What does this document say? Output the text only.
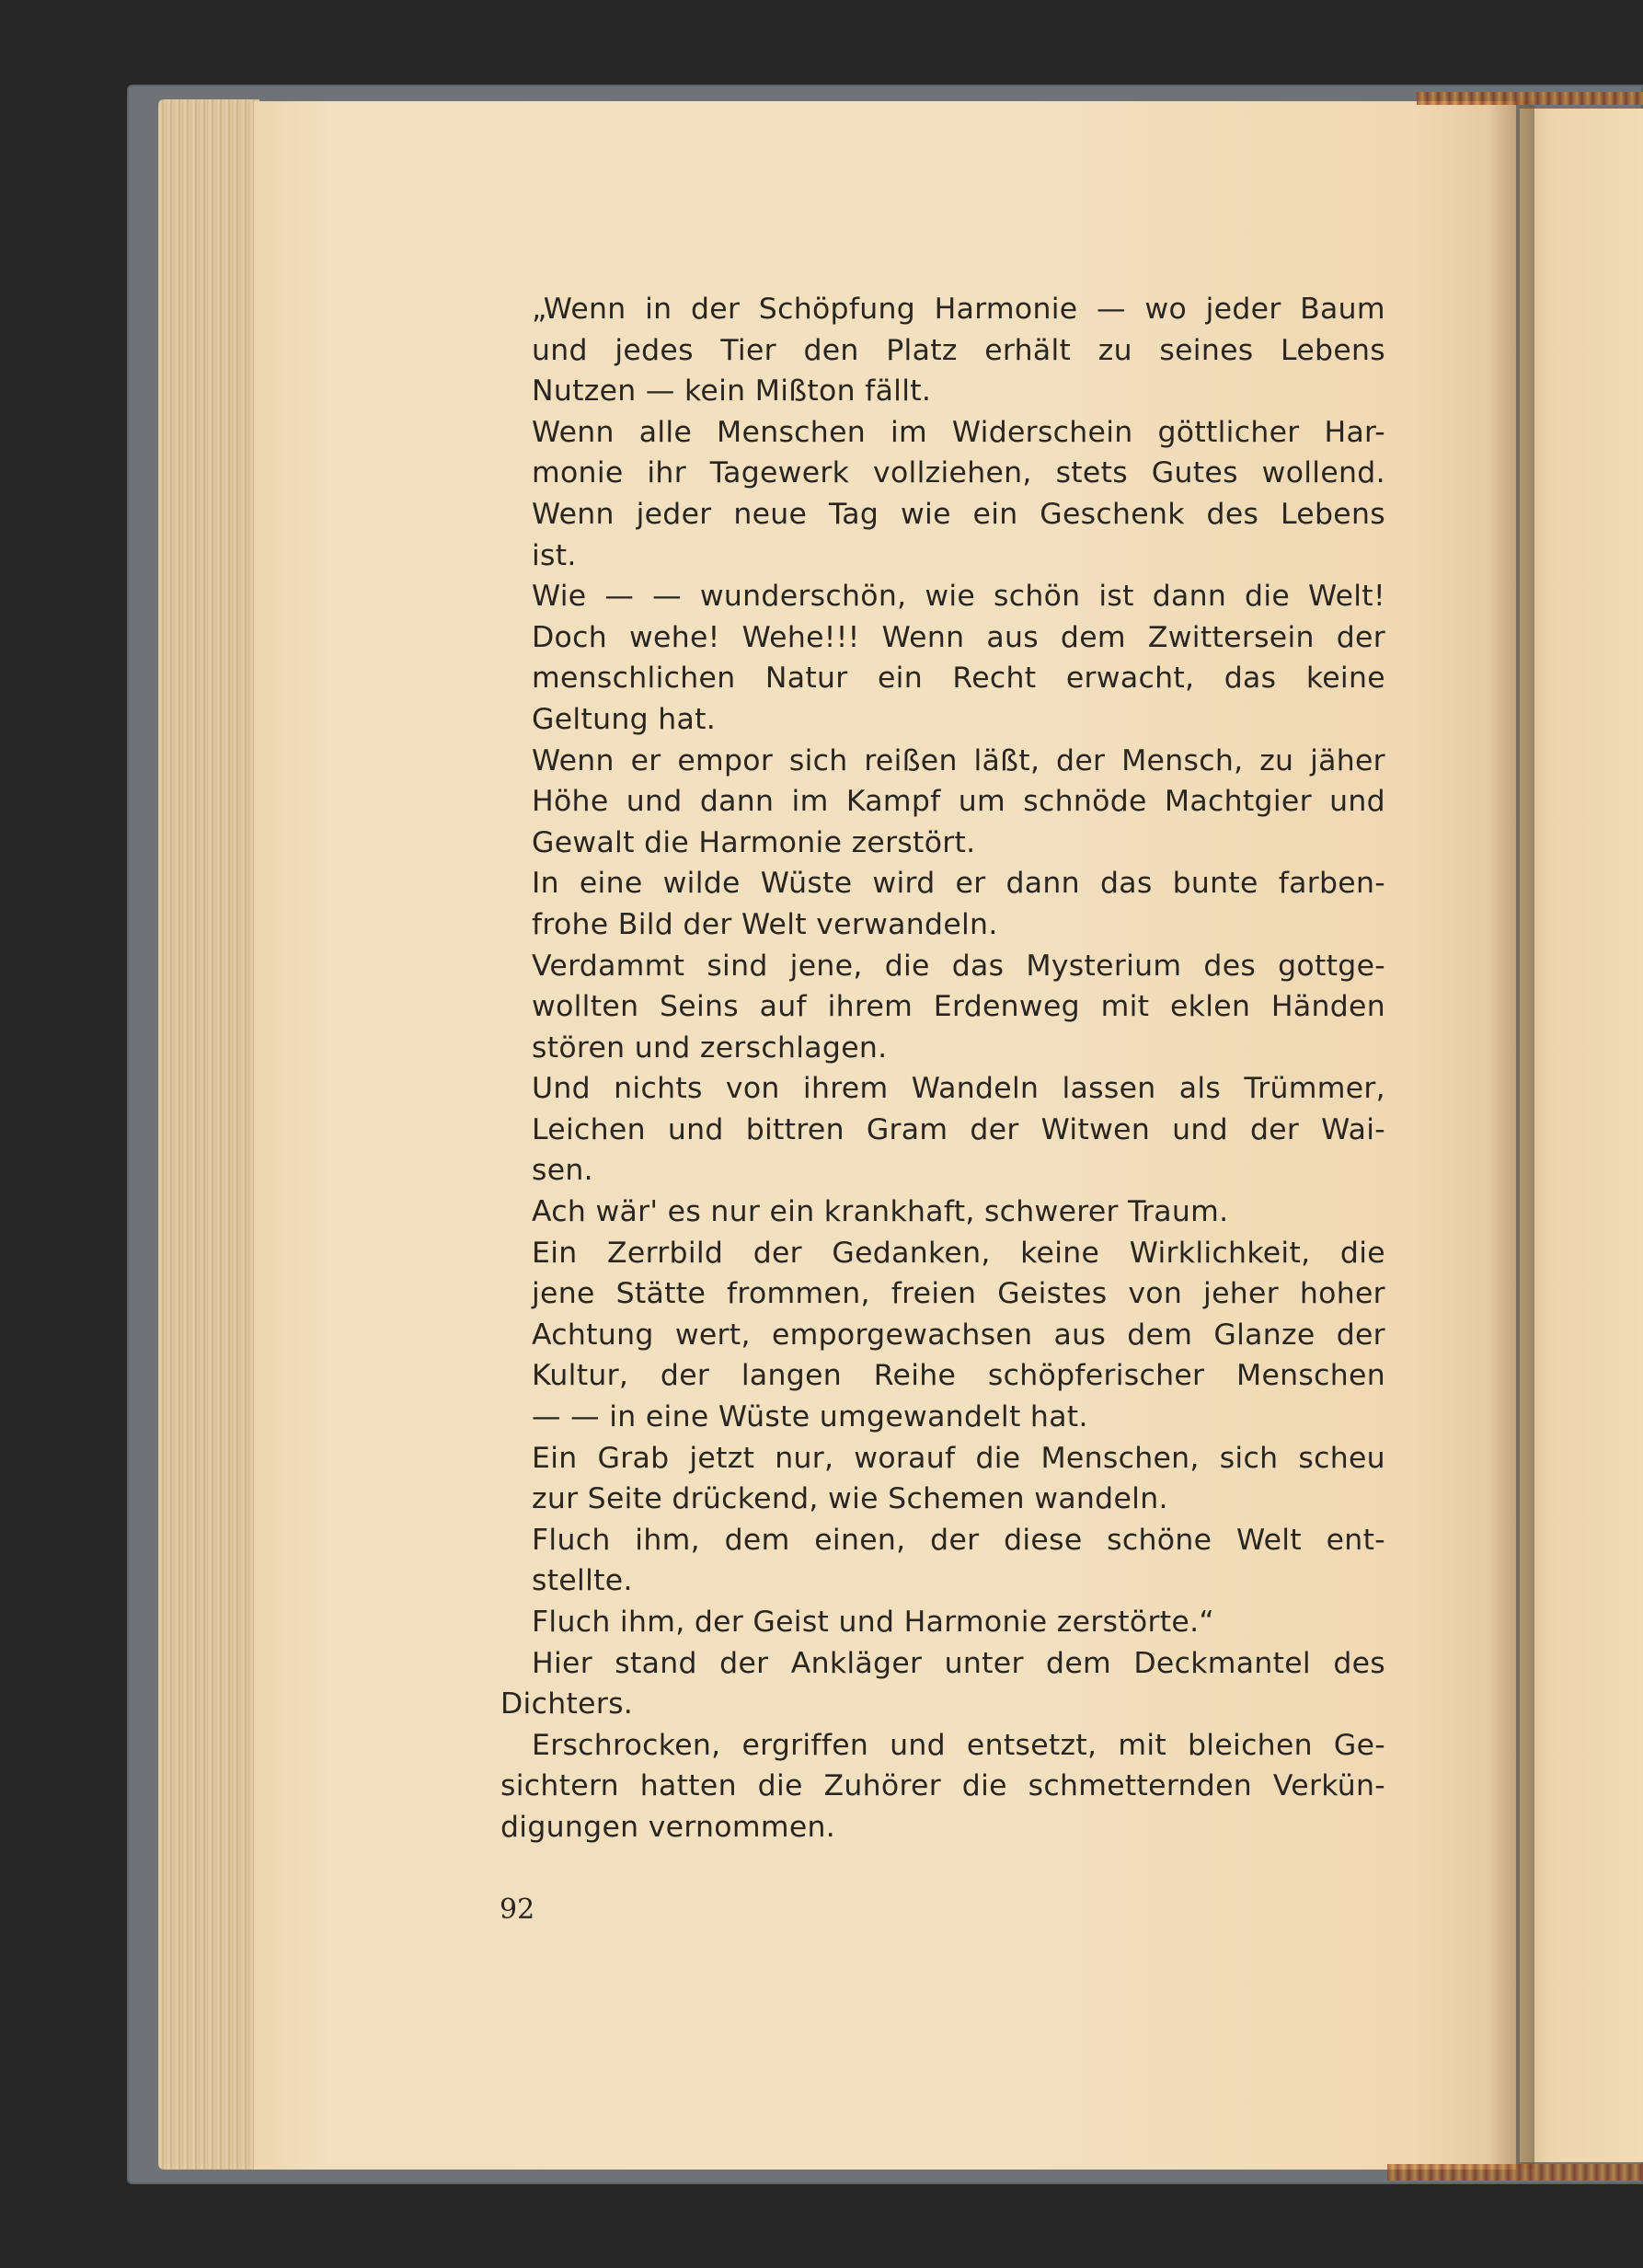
„Wenn in der Schöpfung Harmonie — wo jeder Baum
und jedes Tier den Platz erhält zu seines Lebens
Nutzen — kein Mißton fällt.
Wenn alle Menschen im Widerschein göttlicher Har-
monie ihr Tagewerk vollziehen, stets Gutes wollend.
Wenn jeder neue Tag wie ein Geschenk des Lebens
ist.
Wie — — wunderschön, wie schön ist dann die Welt!
Doch wehe! Wehe!!! Wenn aus dem Zwittersein der
menschlichen Natur ein Recht erwacht, das keine
Geltung hat.
Wenn er empor sich reißen läßt, der Mensch, zu jäher
Höhe und dann im Kampf um schnöde Machtgier und
Gewalt die Harmonie zerstört.
In eine wilde Wüste wird er dann das bunte farben-
frohe Bild der Welt verwandeln.
Verdammt sind jene, die das Mysterium des gottge-
wollten Seins auf ihrem Erdenweg mit eklen Händen
stören und zerschlagen.
Und nichts von ihrem Wandeln lassen als Trümmer,
Leichen und bittren Gram der Witwen und der Wai-
sen.
Ach wär' es nur ein krankhaft, schwerer Traum.
Ein Zerrbild der Gedanken, keine Wirklichkeit, die
jene Stätte frommen, freien Geistes von jeher hoher
Achtung wert, emporgewachsen aus dem Glanze der
Kultur, der langen Reihe schöpferischer Menschen
— — in eine Wüste umgewandelt hat.
Ein Grab jetzt nur, worauf die Menschen, sich scheu
zur Seite drückend, wie Schemen wandeln.
Fluch ihm, dem einen, der diese schöne Welt ent-
stellte.
Fluch ihm, der Geist und Harmonie zerstörte.“
Hier stand der Ankläger unter dem Deckmantel des
Dichters.
Erschrocken, ergriffen und entsetzt, mit bleichen Ge-
sichtern hatten die Zuhörer die schmetternden Verkün-
digungen vernommen.
92
